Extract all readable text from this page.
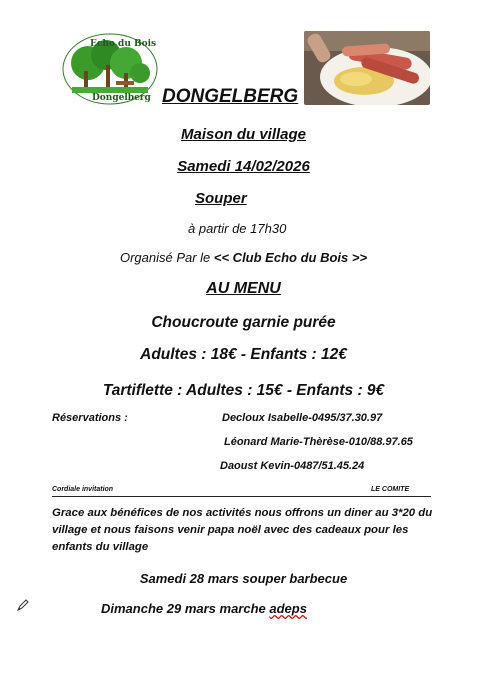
Echo du Bois
Dongelberg DONGELBERG
Maison du village
Samedi 14/02/2026
Souper
à partir de 17h30
Organisé Par le << Club Echo du Bois >>
AU MENU
Choucroute garnie purée
Adultes : 18€ - Enfants : 12€
Tartiflette : Adultes : 15€ - Enfants : 9€
Réservations :	Decloux Isabelle-0495/37.30.97
Léonard Marie-Thèrèse-010/88.97.65
Daoust Kevin-0487/51.45.24
Cordiale invitation	LE COMITE
Grace aux bénéfices de nos activités nous offrons un diner au 3*20 du village et nous faisons venir papa noël avec des cadeaux pour les enfants du village
Samedi 28 mars souper barbecue
Dimanche 29 mars marche adeps
